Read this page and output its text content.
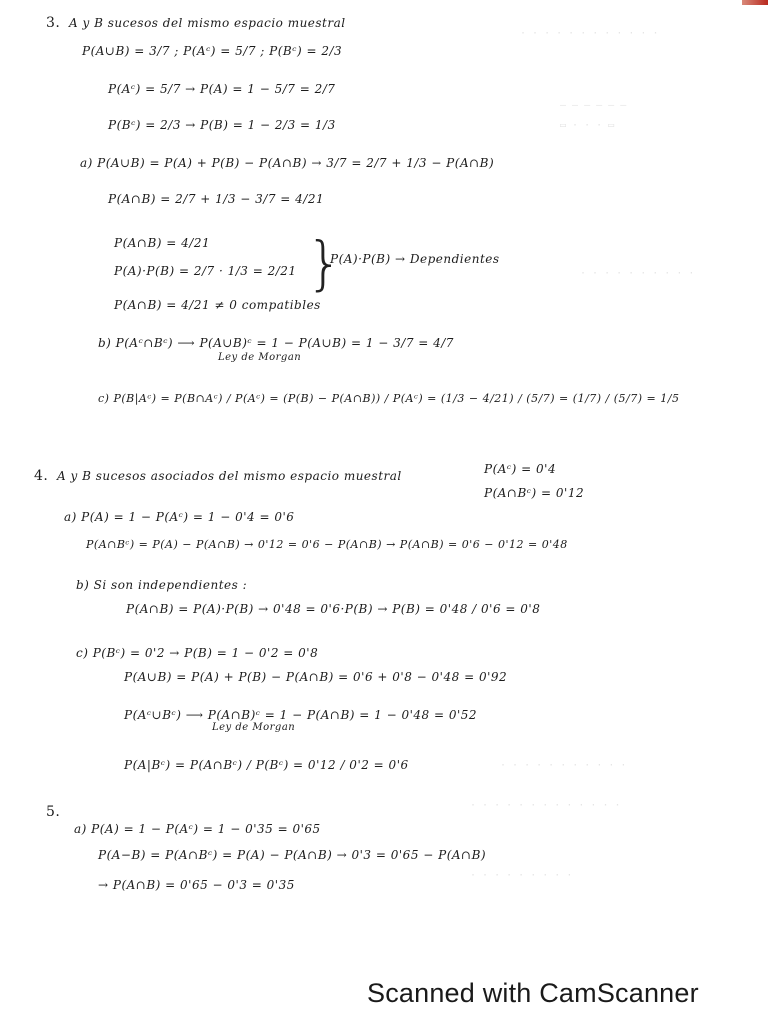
· · · · · · · · · · · ·
— — — — — —
▭ · · · ▭
· · · · · · · · · ·
· · · · · · · · · · ·
· · · · · · · · · · · · ·
· · · · · · · · ·
3. A y B sucesos del mismo espacio muestral
P(A∪B) = 3/7 ; P(Aᶜ) = 5/7 ; P(Bᶜ) = 2/3
P(Aᶜ) = 5/7 → P(A) = 1 − 5/7 = 2/7
P(Bᶜ) = 2/3 → P(B) = 1 − 2/3 = 1/3
a) P(A∪B) = P(A) + P(B) − P(A∩B) → 3/7 = 2/7 + 1/3 − P(A∩B)
P(A∩B) = 2/7 + 1/3 − 3/7 = 4/21
P(A∩B) = 4/21
P(A)·P(B) = 2/7 · 1/3 = 2/21 }
P(A)·P(B) → Dependientes
P(A∩B) = 4/21 ≠ 0 compatibles
b) P(Aᶜ∩Bᶜ) ⟶ P(A∪B)ᶜ = 1 − P(A∪B) = 1 − 3/7 = 4/7
Ley de Morgan
c) P(B|Aᶜ) = P(B∩Aᶜ) / P(Aᶜ) = (P(B) − P(A∩B)) / P(Aᶜ) = (1/3 − 4/21) / (5/7) = (1/7) / (5/7) = 1/5
4. A y B sucesos asociados del mismo espacio muestral	P(Aᶜ) = 0'4
P(A∩Bᶜ) = 0'12
a) P(A) = 1 − P(Aᶜ) = 1 − 0'4 = 0'6
P(A∩Bᶜ) = P(A) − P(A∩B) → 0'12 = 0'6 − P(A∩B) → P(A∩B) = 0'6 − 0'12 = 0'48
b) Si son independientes :
P(A∩B) = P(A)·P(B) → 0'48 = 0'6·P(B) → P(B) = 0'48 / 0'6 = 0'8
c) P(Bᶜ) = 0'2 → P(B) = 1 − 0'2 = 0'8
P(A∪B) = P(A) + P(B) − P(A∩B) = 0'6 + 0'8 − 0'48 = 0'92
P(Aᶜ∪Bᶜ) ⟶ P(A∩B)ᶜ = 1 − P(A∩B) = 1 − 0'48 = 0'52
Ley de Morgan
P(A|Bᶜ) = P(A∩Bᶜ) / P(Bᶜ) = 0'12 / 0'2 = 0'6
5.
a) P(A) = 1 − P(Aᶜ) = 1 − 0'35 = 0'65
P(A−B) = P(A∩Bᶜ) = P(A) − P(A∩B) → 0'3 = 0'65 − P(A∩B)
→ P(A∩B) = 0'65 − 0'3 = 0'35
Scanned with CamScanner
